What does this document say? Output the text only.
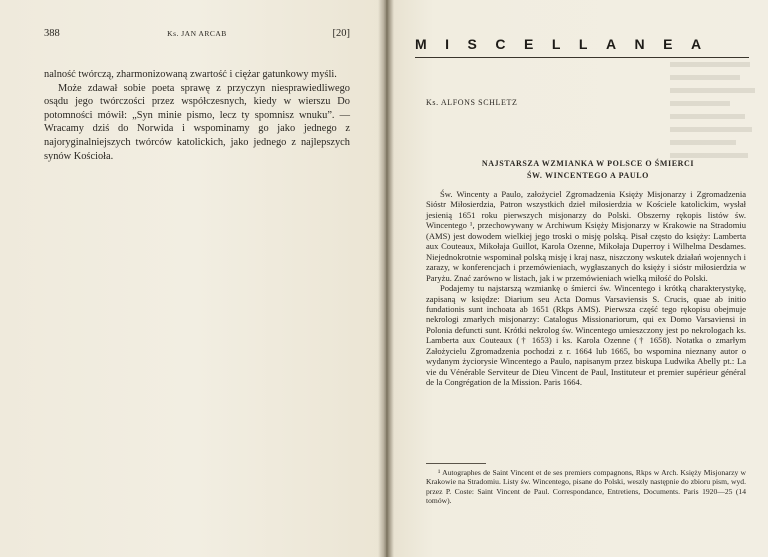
388	Ks. JAN ARCAB	[20]

nalność twórczą, zharmonizowaną zwartość i ciężar gatunkowy myśli.

Może zdawał sobie poeta sprawę z przyczyn niesprawiedliwego osądu jego twórczości przez współczesnych, kiedy w wierszu Do potomności mówił: „Syn minie pismo, lecz ty spomnisz wnuku”. — Wracamy dziś do Norwida i wspominamy go jako jednego z najoryginalniejszych twórców katolickich, jako jednego z najlepszych synów Kościoła.

MISCELLANEA
Ks. ALFONS SCHLETZ
NAJSTARSZA WZMIANKA W POLSCE O ŚMIERCI
ŚW. WINCENTEGO A PAULO

Św. Wincenty a Paulo, założyciel Zgromadzenia Księży Misjonarzy i Zgromadzenia Sióstr Miłosierdzia, Patron wszystkich dzieł miłosierdzia w Kościele katolickim, wysłał jesienią 1651 roku pierwszych misjonarzy do Polski. Obszerny rękopis listów św. Wincentego ¹, przechowywany w Archiwum Księży Misjonarzy w Krakowie na Stradomiu (AMS) jest dowodem wielkiej jego troski o misję polską. Pisał często do księży: Lamberta aux Couteaux, Mikołaja Guillot, Karola Ozenne, Mikołaja Duperroy i Wilhelma Desdames. Niejednokrotnie wspominał polską misję i kraj nasz, niszczony wskutek działań wojennych i zarazy, w konferencjach i przemówieniach, wygłaszanych do księży i sióstr miłosierdzia w Paryżu. Znać zarówno w listach, jak i w przemówieniach wielką miłość do Polski.

Podajemy tu najstarszą wzmiankę o śmierci św. Wincentego i krótką charakterystykę, zapisaną w księdze: Diarium seu Acta Domus Varsaviensis S. Crucis, quae ab initio fundationis sunt inchoata ab 1651 (Rkps AMS). Pierwsza część tego rękopisu obejmuje nekrologi zmarłych misjonarzy: Catalogus Missionariorum, qui ex Domo Varsaviensi in Polonia defuncti sunt. Krótki nekrolog św. Wincentego umieszczony jest po nekrologach ks. Lamberta aux Couteaux († 1653) i ks. Karola Ozenne († 1658). Notatka o zmarłym Założycielu Zgromadzenia pochodzi z r. 1664 lub 1665, bo wspomina nieznany autor o wydanym życiorysie Wincentego a Paulo, napisanym przez biskupa Ludwika Abelly pt.: La vie du Vénérable Serviteur de Dieu Vincent de Paul, Instituteur et premier supérieur général de la Congrégation de la Mission. Paris 1664.

¹ Autographes de Saint Vincent et de ses premiers compagnons, Rkps w Arch. Księży Misjonarzy w Krakowie na Stradomiu. Listy św. Wincentego, pisane do Polski, weszły następnie do zbioru pism, wyd. przez P. Coste: Saint Vincent de Paul. Correspondance, Entretiens, Documents. Paris 1920—25 (14 tomów).
